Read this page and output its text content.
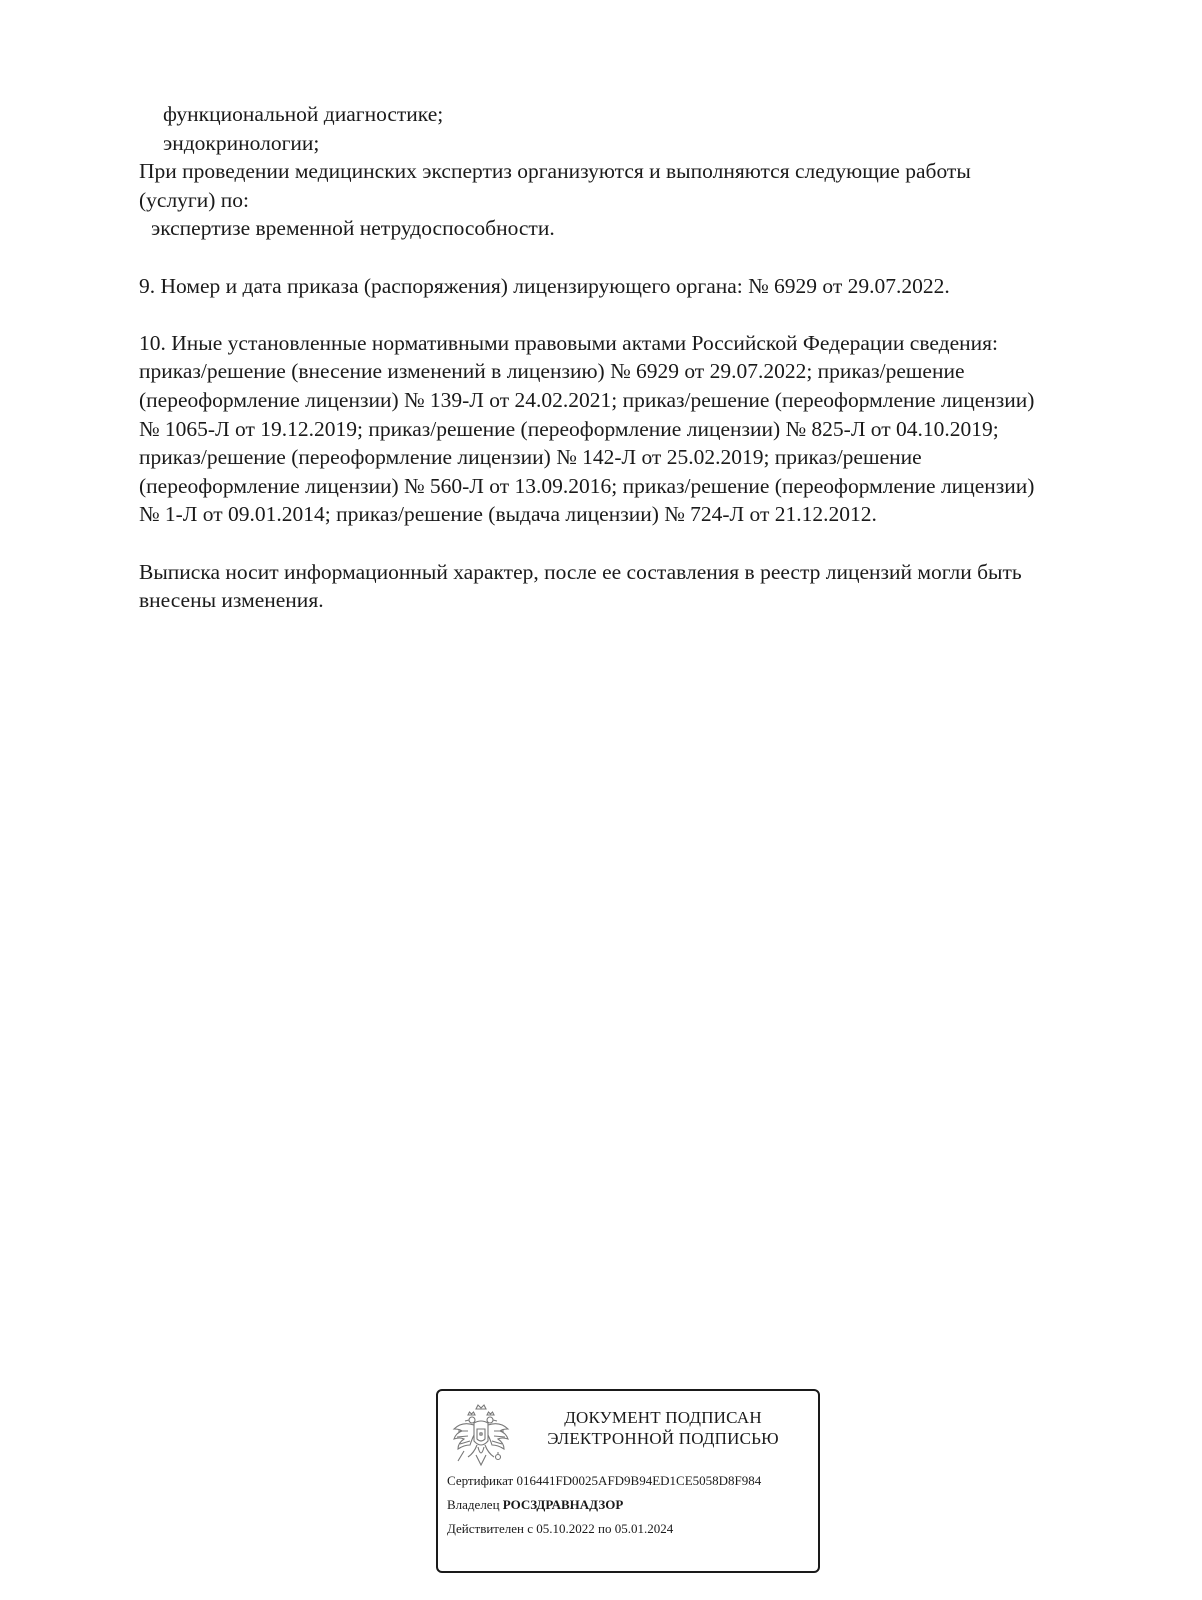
функциональной диагностике;
эндокринологии;
При проведении медицинских экспертиз организуются и выполняются следующие работы
(услуги) по:
экспертизе временной нетрудоспособности.
9. Номер и дата приказа (распоряжения) лицензирующего органа: № 6929 от 29.07.2022.
10. Иные установленные нормативными правовыми актами Российской Федерации сведения:
приказ/решение (внесение изменений в лицензию) № 6929 от 29.07.2022; приказ/решение
(переоформление лицензии) № 139-Л от 24.02.2021; приказ/решение (переоформление лицензии)
№ 1065-Л от 19.12.2019; приказ/решение (переоформление лицензии) № 825-Л от 04.10.2019;
приказ/решение (переоформление лицензии) № 142-Л от 25.02.2019; приказ/решение
(переоформление лицензии) № 560-Л от 13.09.2016; приказ/решение (переоформление лицензии)
№ 1-Л от 09.01.2014; приказ/решение (выдача лицензии) № 724-Л от 21.12.2012.
Выписка носит информационный характер, после ее составления в реестр лицензий могли быть
внесены изменения.
ДОКУМЕНТ ПОДПИСАН
ЭЛЕКТРОННОЙ ПОДПИСЬЮ
Сертификат 016441FD0025AFD9B94ED1CE5058D8F984
Владелец РОСЗДРАВНАДЗОР
Действителен с 05.10.2022 по 05.01.2024
